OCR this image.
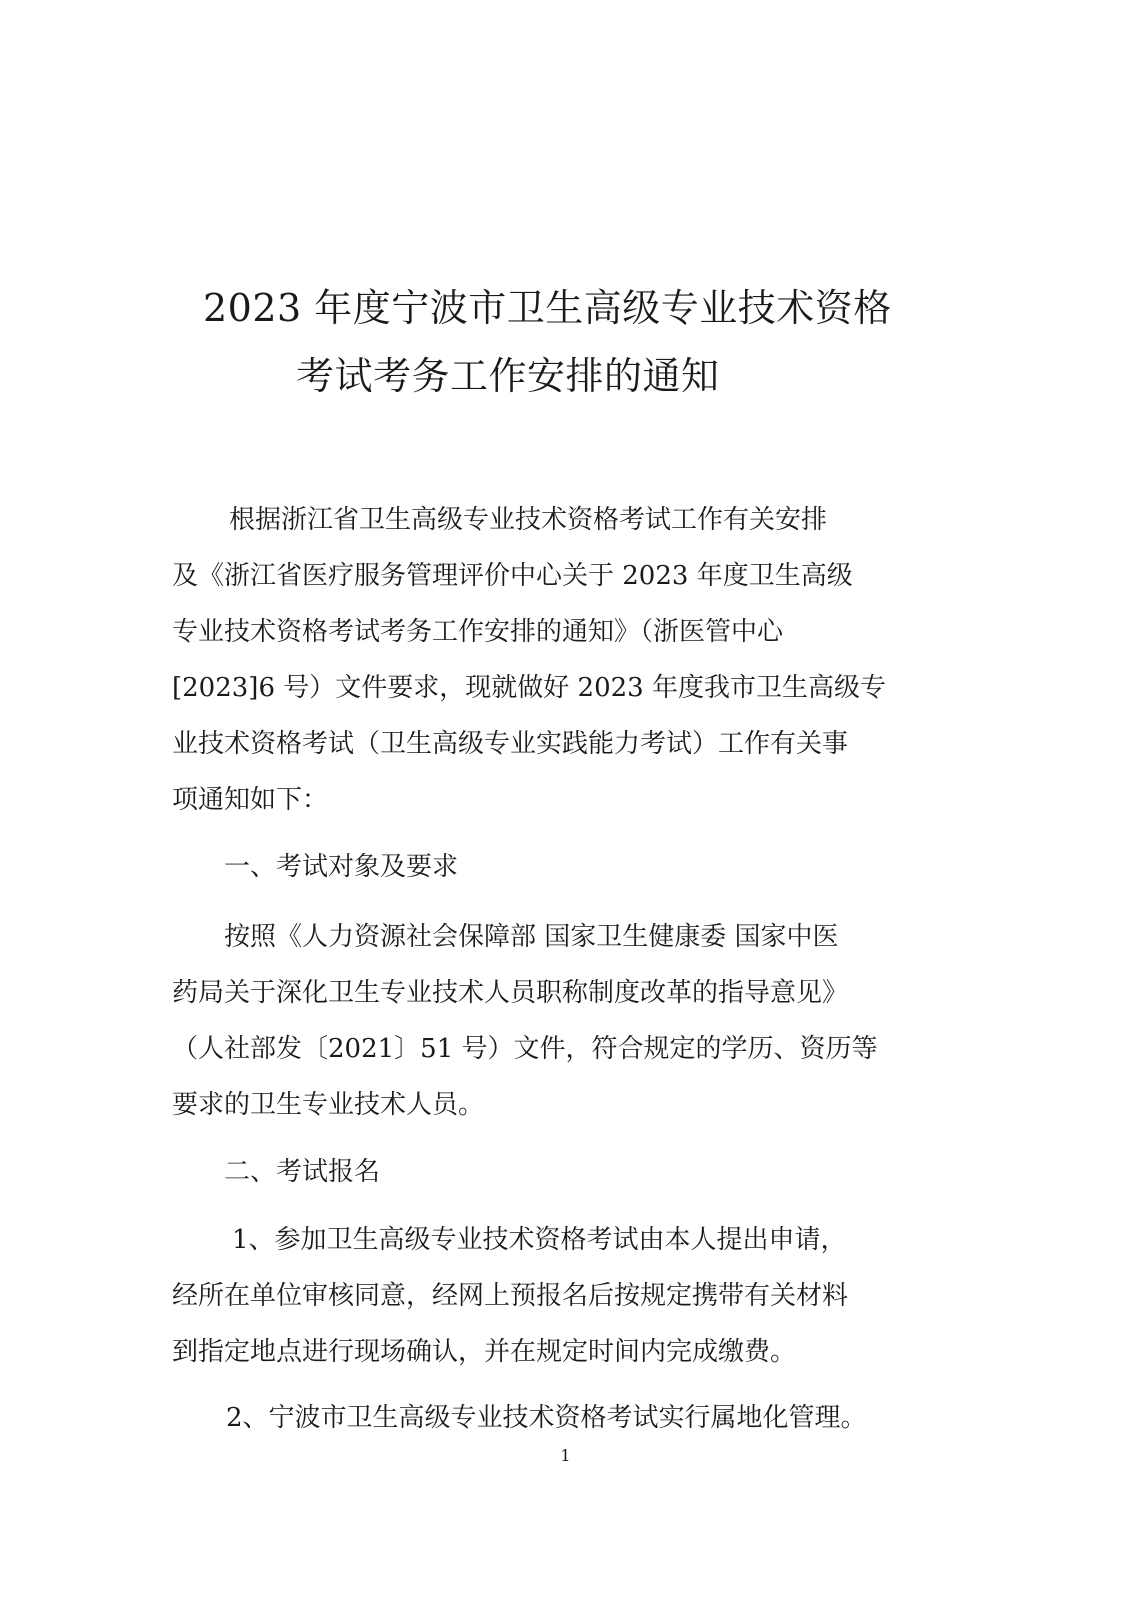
2023 年度宁波市卫生高级专业技术资格
考试考务工作安排的通知

根据浙江省卫生高级专业技术资格考试工作有关安排

及《浙江省医疗服务管理评价中心关于 2023 年度卫生高级

专业技术资格考试考务工作安排的通知》（浙医管中心

[2023]6 号）文件要求，现就做好 2023 年度我市卫生高级专

业技术资格考试（卫生高级专业实践能力考试）工作有关事

项通知如下：

一、考试对象及要求

按照《人力资源社会保障部 国家卫生健康委 国家中医

药局关于深化卫生专业技术人员职称制度改革的指导意见》

（人社部发〔2021〕51 号）文件，符合规定的学历、资历等

要求的卫生专业技术人员。

二、考试报名

1、参加卫生高级专业技术资格考试由本人提出申请，

经所在单位审核同意，经网上预报名后按规定携带有关材料

到指定地点进行现场确认，并在规定时间内完成缴费。

2、宁波市卫生高级专业技术资格考试实行属地化管理。

1
